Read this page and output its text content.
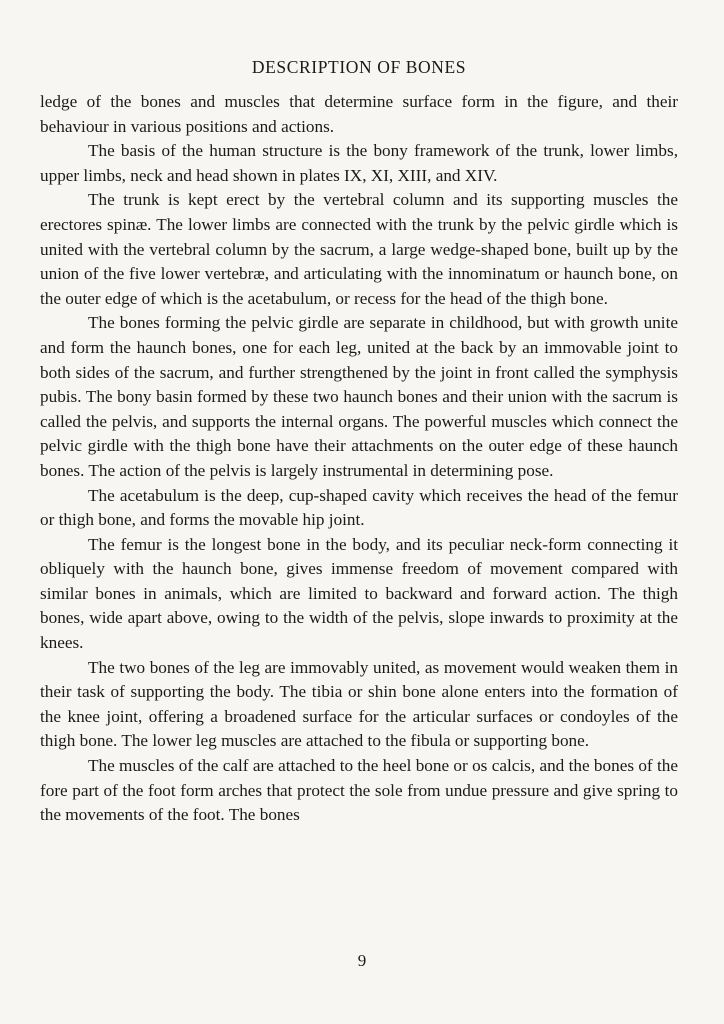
DESCRIPTION OF BONES

ledge of the bones and muscles that determine surface form in the figure, and their behaviour in various positions and actions.

The basis of the human structure is the bony framework of the trunk, lower limbs, upper limbs, neck and head shown in plates IX, XI, XIII, and XIV.

The trunk is kept erect by the vertebral column and its supporting muscles the erectores spinæ. The lower limbs are connected with the trunk by the pelvic girdle which is united with the vertebral column by the sacrum, a large wedge-shaped bone, built up by the union of the five lower vertebræ, and articulating with the innominatum or haunch bone, on the outer edge of which is the acetabulum, or recess for the head of the thigh bone.

The bones forming the pelvic girdle are separate in childhood, but with growth unite and form the haunch bones, one for each leg, united at the back by an immovable joint to both sides of the sacrum, and further strengthened by the joint in front called the symphysis pubis. The bony basin formed by these two haunch bones and their union with the sacrum is called the pelvis, and supports the internal organs. The powerful muscles which connect the pelvic girdle with the thigh bone have their attachments on the outer edge of these haunch bones. The action of the pelvis is largely instrumental in determining pose.

The acetabulum is the deep, cup-shaped cavity which receives the head of the femur or thigh bone, and forms the movable hip joint.

The femur is the longest bone in the body, and its peculiar neck-form connecting it obliquely with the haunch bone, gives immense freedom of movement compared with similar bones in animals, which are limited to backward and forward action. The thigh bones, wide apart above, owing to the width of the pelvis, slope inwards to proximity at the knees.

The two bones of the leg are immovably united, as movement would weaken them in their task of supporting the body. The tibia or shin bone alone enters into the formation of the knee joint, offering a broadened surface for the articular surfaces or condoyles of the thigh bone. The lower leg muscles are attached to the fibula or supporting bone.

The muscles of the calf are attached to the heel bone or os calcis, and the bones of the fore part of the foot form arches that protect the sole from undue pressure and give spring to the movements of the foot. The bones

9
